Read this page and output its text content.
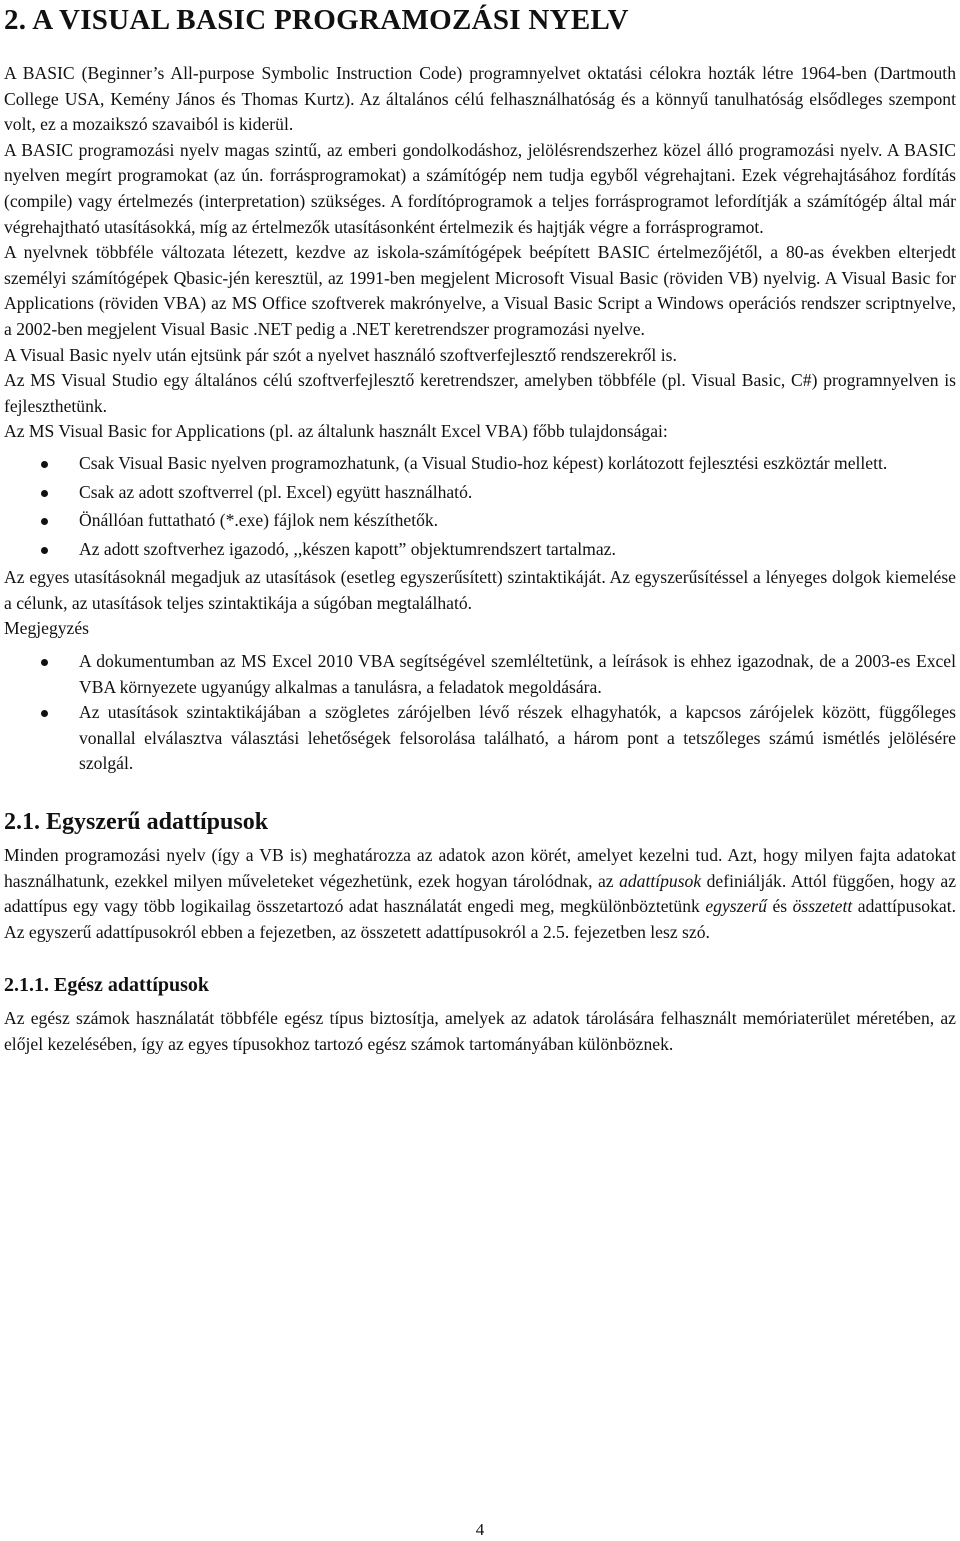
2. A VISUAL BASIC PROGRAMOZÁSI NYELV

A BASIC (Beginner’s All-purpose Symbolic Instruction Code) programnyelvet oktatási célokra hozták létre 1964-ben (Dartmouth College USA, Kemény János és Thomas Kurtz). Az általános célú felhasználhatóság és a könnyű tanulhatóság elsődleges szempont volt, ez a mozaikszó szavaiból is kiderül.

A BASIC programozási nyelv magas szintű, az emberi gondolkodáshoz, jelölésrendszerhez közel álló programozási nyelv. A BASIC nyelven megírt programokat (az ún. forrásprogramokat) a számítógép nem tudja egyből végrehajtani. Ezek végrehajtásához fordítás (compile) vagy értelmezés (interpretation) szükséges. A fordítóprogramok a teljes forrásprogramot lefordítják a számítógép által már végrehajtható utasításokká, míg az értelmezők utasításonként értelmezik és hajtják végre a forrásprogramot.

A nyelvnek többféle változata létezett, kezdve az iskola-számítógépek beépített BASIC értelmezőjétől, a 80-as években elterjedt személyi számítógépek Qbasic-jén keresztül, az 1991-ben megjelent Microsoft Visual Basic (röviden VB) nyelvig. A Visual Basic for Applications (röviden VBA) az MS Office szoftverek makrónyelve, a Visual Basic Script a Windows operációs rendszer scriptnyelve, a 2002-ben megjelent Visual Basic .NET pedig a .NET keretrendszer programozási nyelve.

A Visual Basic nyelv után ejtsünk pár szót a nyelvet használó szoftverfejlesztő rendszerekről is.

Az MS Visual Studio egy általános célú szoftverfejlesztő keretrendszer, amelyben többféle (pl. Visual Basic, C#) programnyelven is fejleszthetünk.

Az MS Visual Basic for Applications (pl. az általunk használt Excel VBA) főbb tulajdonságai:

Csak Visual Basic nyelven programozhatunk, (a Visual Studio-hoz képest) korlátozott fejlesztési eszköztár mellett.
Csak az adott szoftverrel (pl. Excel) együtt használható.
Önállóan futtatható (*.exe) fájlok nem készíthetők.
Az adott szoftverhez igazodó, ,,készen kapott” objektumrendszert tartalmaz.

Az egyes utasításoknál megadjuk az utasítások (esetleg egyszerűsített) szintaktikáját. Az egyszerűsítéssel a lényeges dolgok kiemelése a célunk, az utasítások teljes szintaktikája a súgóban megtalálható.

Megjegyzés

A dokumentumban az MS Excel 2010 VBA segítségével szemléltetünk, a leírások is ehhez igazodnak, de a 2003-es Excel VBA környezete ugyanúgy alkalmas a tanulásra, a feladatok megoldására.
Az utasítások szintaktikájában a szögletes zárójelben lévő részek elhagyhatók, a kapcsos zárójelek között, függőleges vonallal elválasztva választási lehetőségek felsorolása található, a három pont a tetszőleges számú ismétlés jelölésére szolgál.
2.1. Egyszerű adattípusok

Minden programozási nyelv (így a VB is) meghatározza az adatok azon körét, amelyet kezelni tud. Azt, hogy milyen fajta adatokat használhatunk, ezekkel milyen műveleteket végezhetünk, ezek hogyan tárolódnak, az adattípusok definiálják. Attól függően, hogy az adattípus egy vagy több logikailag összetartozó adat használatát engedi meg, megkülönböztetünk egyszerű és összetett adattípusokat. Az egyszerű adattípusokról ebben a fejezetben, az összetett adattípusokról a 2.5. fejezetben lesz szó.

2.1.1. Egész adattípusok

Az egész számok használatát többféle egész típus biztosítja, amelyek az adatok tárolására felhasznált memóriaterület méretében, az előjel kezelésében, így az egyes típusokhoz tartozó egész számok tartományában különböznek.

4
